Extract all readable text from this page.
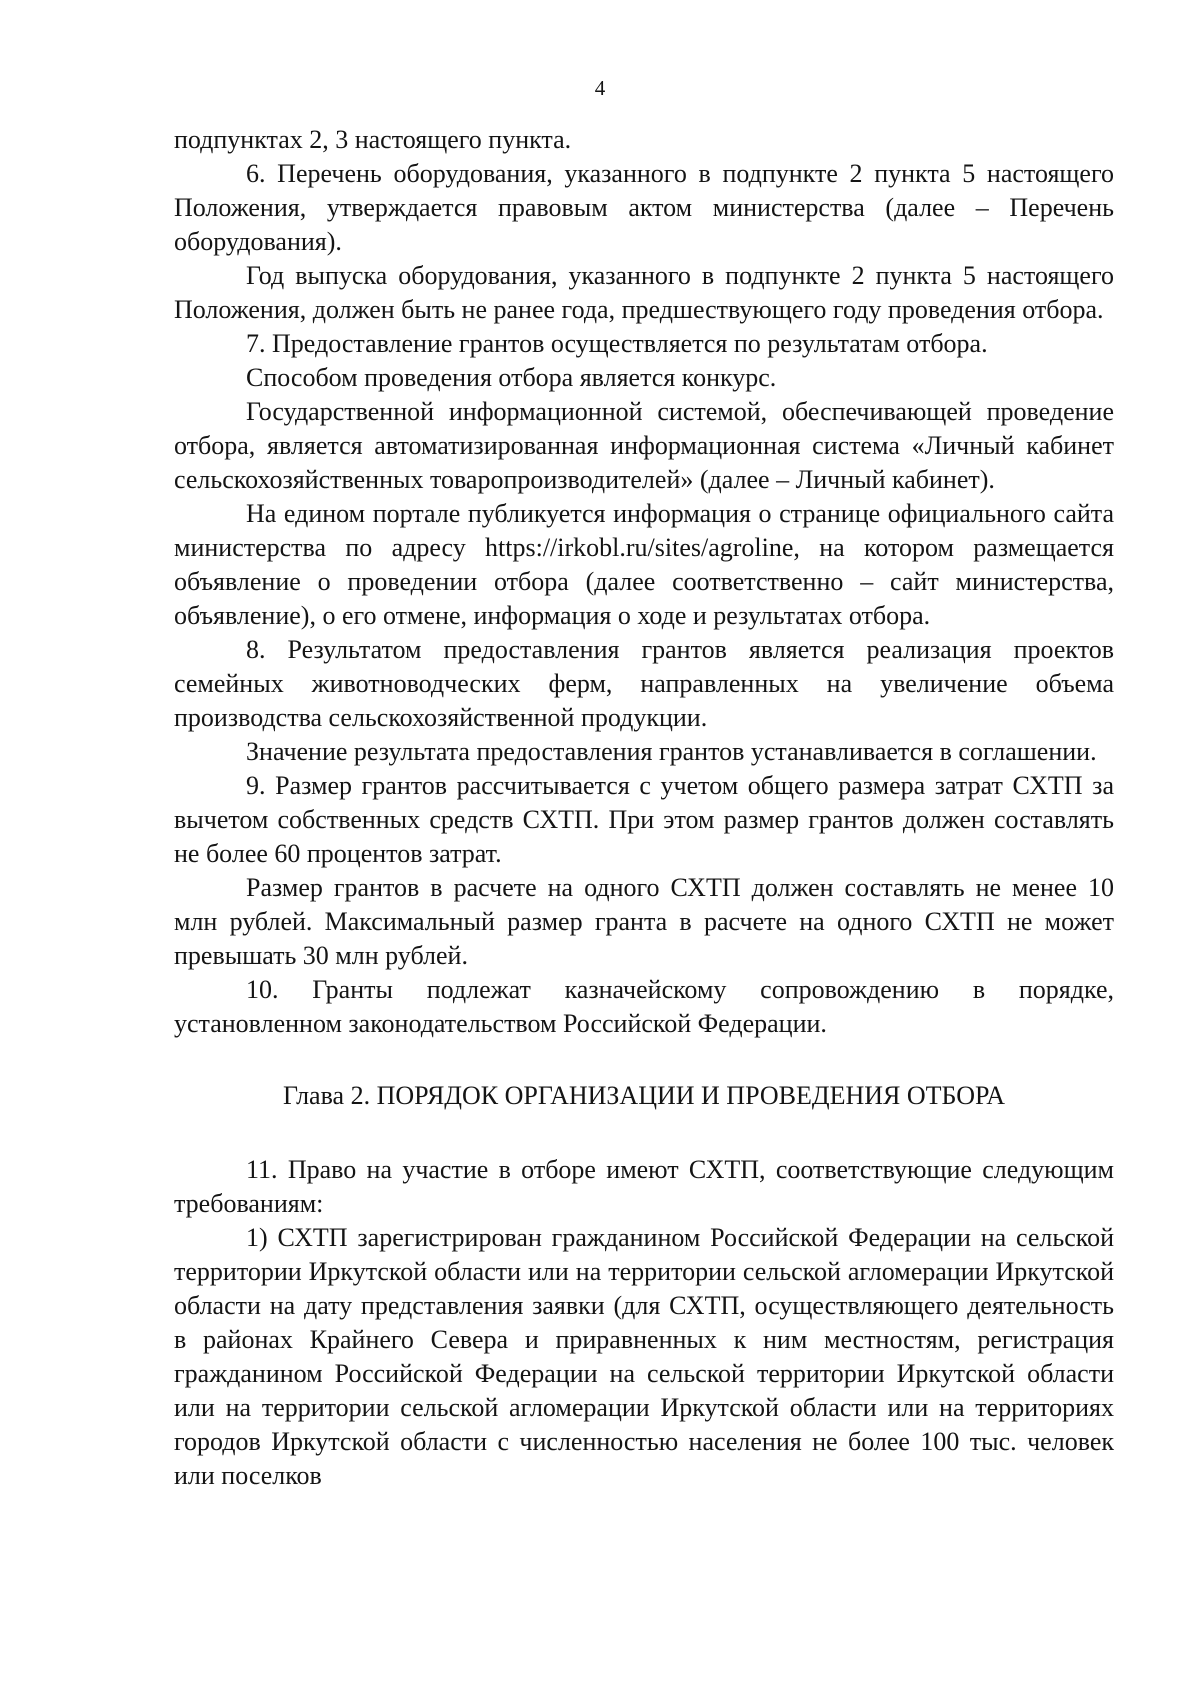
4

подпунктах 2, 3 настоящего пункта.

6. Перечень оборудования, указанного в подпункте 2 пункта 5 настоящего Положения, утверждается правовым актом министерства (далее – Перечень оборудования).

Год выпуска оборудования, указанного в подпункте 2 пункта 5 настоящего Положения, должен быть не ранее года, предшествующего году проведения отбора.

7. Предоставление грантов осуществляется по результатам отбора.

Способом проведения отбора является конкурс.

Государственной информационной системой, обеспечивающей проведение отбора, является автоматизированная информационная система «Личный кабинет сельскохозяйственных товаропроизводителей» (далее – Личный кабинет).

На едином портале публикуется информация о странице официального сайта министерства по адресу https://irkobl.ru/sites/agroline, на котором размещается объявление о проведении отбора (далее соответственно – сайт министерства, объявление), о его отмене, информация о ходе и результатах отбора.

8. Результатом предоставления грантов является реализация проектов семейных животноводческих ферм, направленных на увеличение объема производства сельскохозяйственной продукции.

Значение результата предоставления грантов устанавливается в соглашении.

9. Размер грантов рассчитывается с учетом общего размера затрат СХТП за вычетом собственных средств СХТП. При этом размер грантов должен составлять не более 60 процентов затрат.

Размер грантов в расчете на одного СХТП должен составлять не менее 10 млн рублей. Максимальный размер гранта в расчете на одного СХТП не может превышать 30 млн рублей.

10. Гранты подлежат казначейскому сопровождению в порядке, установленном законодательством Российской Федерации.

Глава 2. ПОРЯДОК ОРГАНИЗАЦИИ И ПРОВЕДЕНИЯ ОТБОРА

11. Право на участие в отборе имеют СХТП, соответствующие следующим требованиям:

1) СХТП зарегистрирован гражданином Российской Федерации на сельской территории Иркутской области или на территории сельской агломерации Иркутской области на дату представления заявки (для СХТП, осуществляющего деятельность в районах Крайнего Севера и приравненных к ним местностям, регистрация гражданином Российской Федерации на сельской территории Иркутской области или на территории сельской агломерации Иркутской области или на территориях городов Иркутской области с численностью населения не более 100 тыс. человек или поселков
